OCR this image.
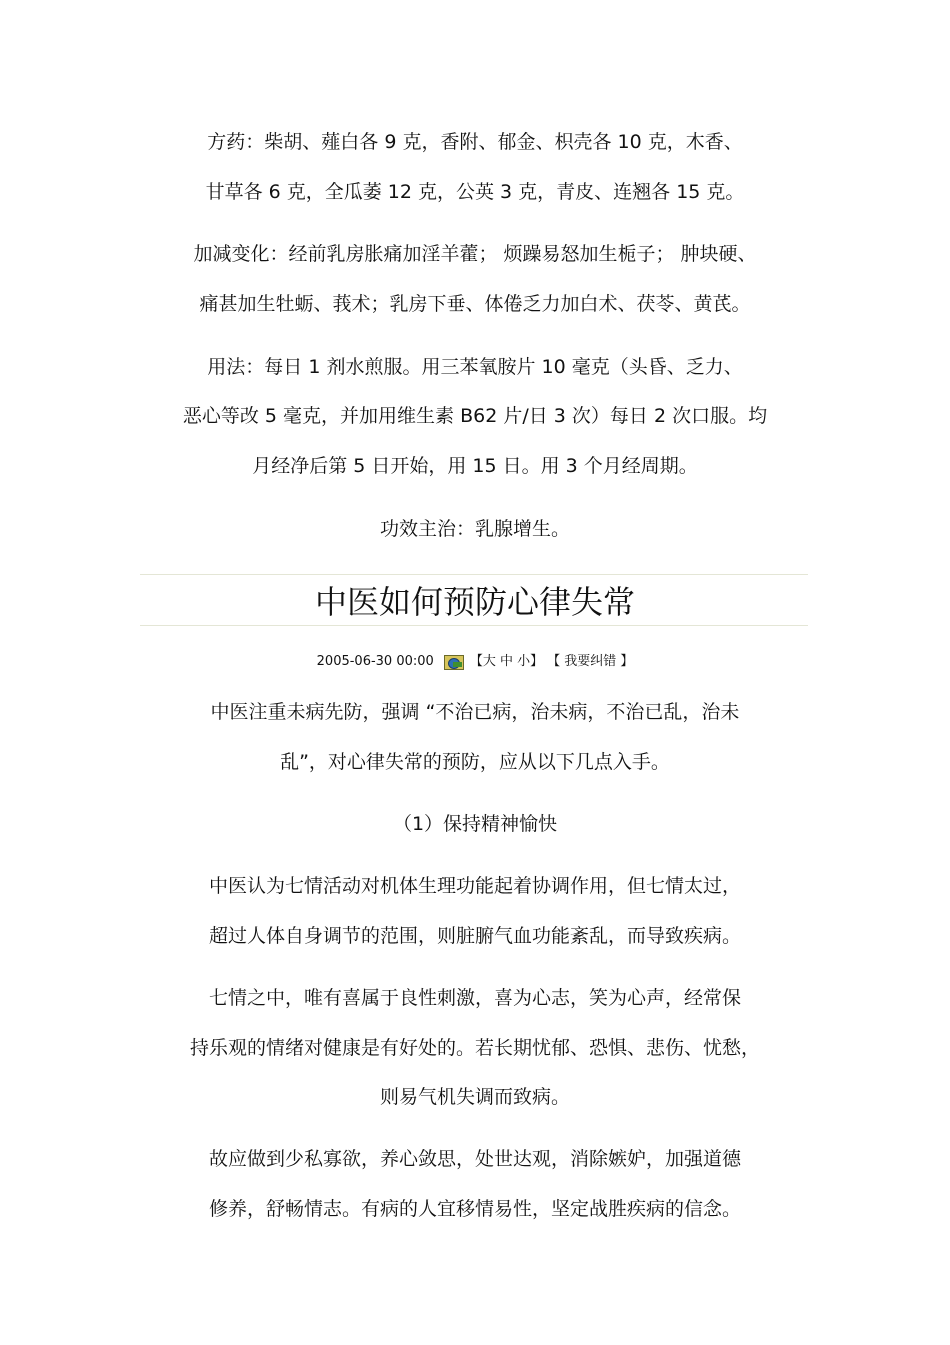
方药：柴胡、薤白各 9 克，香附、郁金、枳壳各 10 克，木香、
甘草各 6 克，全瓜萎 12 克，公英 3 克，青皮、连翘各 15 克。
加减变化：经前乳房胀痛加淫羊藿； 烦躁易怒加生栀子； 肿块硬、
痛甚加生牡蛎、莪术；乳房下垂、体倦乏力加白术、茯苓、黄芪。
用法：每日 1 剂水煎服。用三苯氧胺片 10 毫克（头昏、乏力、
恶心等改 5 毫克，并加用维生素 B62 片/日 3 次）每日 2 次口服。均
月经净后第 5 日开始，用 15 日。用 3 个月经周期。
功效主治：乳腺增生。
中医如何预防心律失常
2005-06-30 00:00	【大 中 小】 【 我要纠错 】
中医注重未病先防，强调 “不治已病，治未病，不治已乱，治未
乱”，对心律失常的预防，应从以下几点入手。
（1）保持精神愉快
中医认为七情活动对机体生理功能起着协调作用，但七情太过，
超过人体自身调节的范围，则脏腑气血功能紊乱，而导致疾病。
七情之中，唯有喜属于良性刺激，喜为心志，笑为心声，经常保
持乐观的情绪对健康是有好处的。若长期忧郁、恐惧、悲伤、忧愁，
则易气机失调而致病。
故应做到少私寡欲，养心敛思，处世达观，消除嫉妒，加强道德
修养，舒畅情志。有病的人宜移情易性，坚定战胜疾病的信念。
